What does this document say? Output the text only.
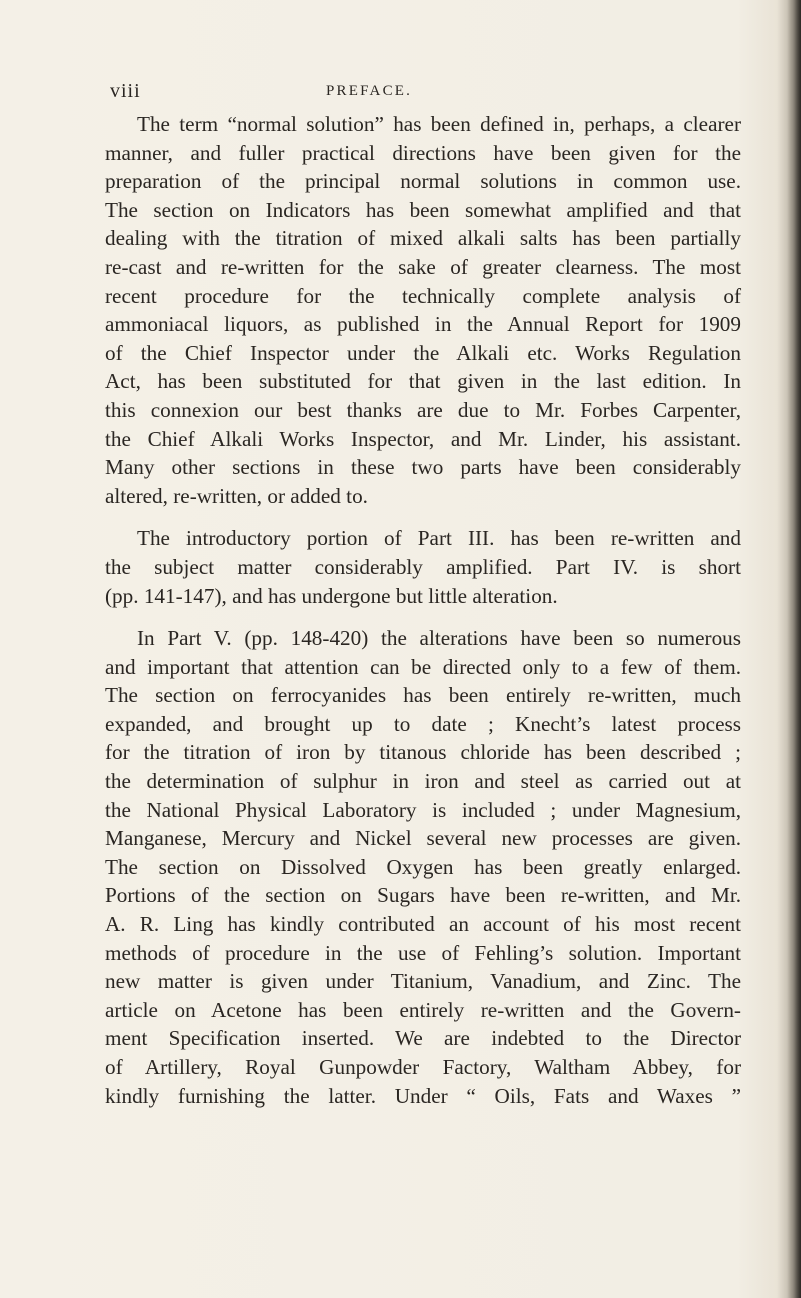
viii	PREFACE.
The term “normal solution” has been defined in, perhaps, a clearer
manner, and fuller practical directions have been given for the
preparation of the principal normal solutions in common use.
The section on Indicators has been somewhat amplified and that
dealing with the titration of mixed alkali salts has been partially
re-cast and re-written for the sake of greater clearness. The most
recent procedure for the technically complete analysis of
ammoniacal liquors, as published in the Annual Report for 1909
of the Chief Inspector under the Alkali etc. Works Regulation
Act, has been substituted for that given in the last edition. In
this connexion our best thanks are due to Mr. Forbes Carpenter,
the Chief Alkali Works Inspector, and Mr. Linder, his assistant.
Many other sections in these two parts have been considerably
altered, re-written, or added to.
The introductory portion of Part III. has been re-written and
the subject matter considerably amplified. Part IV. is short
(pp. 141-147), and has undergone but little alteration.
In Part V. (pp. 148-420) the alterations have been so numerous
and important that attention can be directed only to a few of them.
The section on ferrocyanides has been entirely re-written, much
expanded, and brought up to date ; Knecht’s latest process
for the titration of iron by titanous chloride has been described ;
the determination of sulphur in iron and steel as carried out at
the National Physical Laboratory is included ; under Magnesium,
Manganese, Mercury and Nickel several new processes are given.
The section on Dissolved Oxygen has been greatly enlarged.
Portions of the section on Sugars have been re-written, and Mr.
A. R. Ling has kindly contributed an account of his most recent
methods of procedure in the use of Fehling’s solution. Important
new matter is given under Titanium, Vanadium, and Zinc. The
article on Acetone has been entirely re-written and the Govern-
ment Specification inserted. We are indebted to the Director
of Artillery, Royal Gunpowder Factory, Waltham Abbey, for
kindly furnishing the latter. Under “ Oils, Fats and Waxes ”
